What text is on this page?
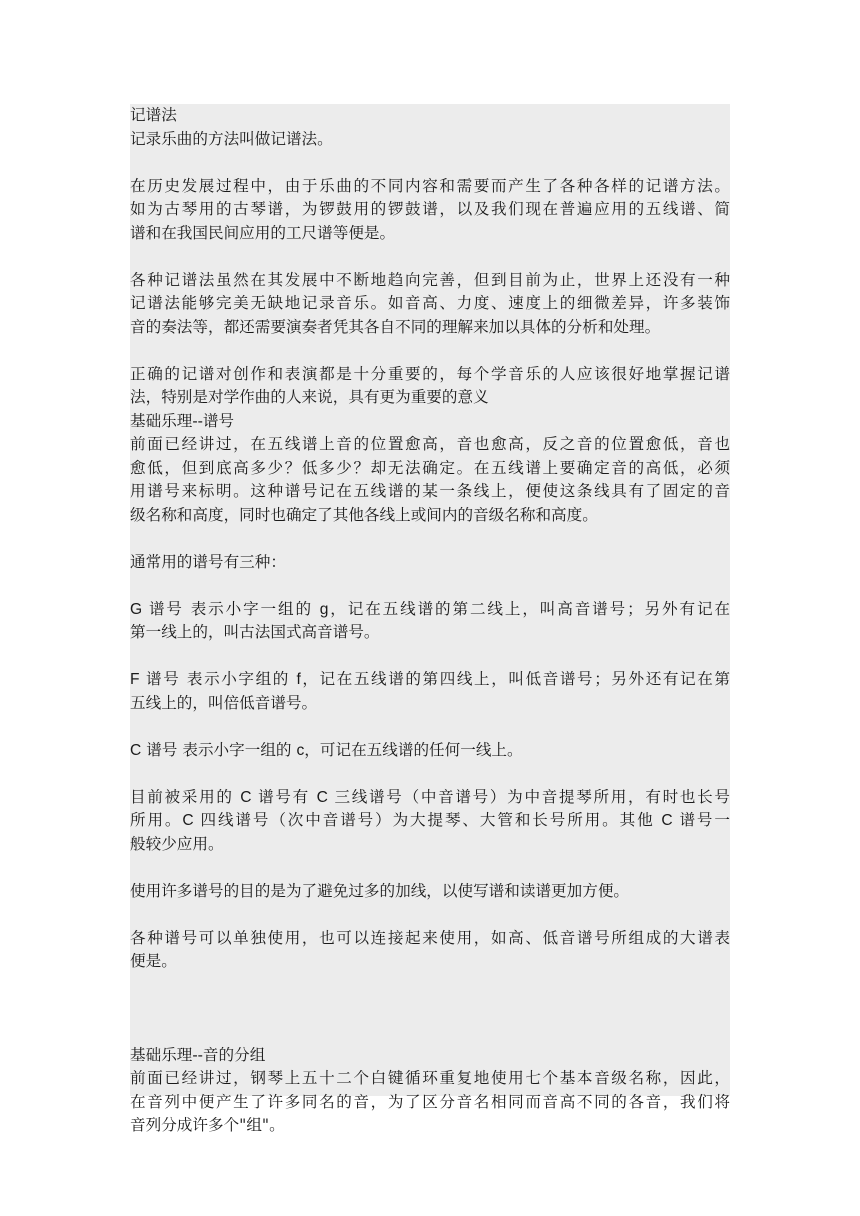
记谱法
记录乐曲的方法叫做记谱法。
在历史发展过程中，由于乐曲的不同内容和需要而产生了各种各样的记谱方法。
如为古琴用的古琴谱，为锣鼓用的锣鼓谱，以及我们现在普遍应用的五线谱、简
谱和在我国民间应用的工尺谱等便是。
各种记谱法虽然在其发展中不断地趋向完善，但到目前为止，世界上还没有一种
记谱法能够完美无缺地记录音乐。如音高、力度、速度上的细微差异，许多装饰
音的奏法等，都还需要演奏者凭其各自不同的理解来加以具体的分析和处理。
正确的记谱对创作和表演都是十分重要的，每个学音乐的人应该很好地掌握记谱
法，特别是对学作曲的人来说，具有更为重要的意义
基础乐理--谱号
前面已经讲过，在五线谱上音的位置愈高，音也愈高，反之音的位置愈低，音也
愈低，但到底高多少？低多少？却无法确定。在五线谱上要确定音的高低，必须
用谱号来标明。这种谱号记在五线谱的某一条线上，便使这条线具有了固定的音
级名称和高度，同时也确定了其他各线上或间内的音级名称和高度。
通常用的谱号有三种：
G 谱号 表示小字一组的 g，记在五线谱的第二线上，叫高音谱号；另外有记在
第一线上的，叫古法国式高音谱号。
F 谱号 表示小字组的 f，记在五线谱的第四线上，叫低音谱号；另外还有记在第
五线上的，叫倍低音谱号。
C 谱号 表示小字一组的 c，可记在五线谱的任何一线上。
目前被采用的 C 谱号有 C 三线谱号（中音谱号）为中音提琴所用，有时也长号
所用。C 四线谱号（次中音谱号）为大提琴、大管和长号所用。其他 C 谱号一
般较少应用。
使用许多谱号的目的是为了避免过多的加线，以使写谱和读谱更加方便。
各种谱号可以单独使用，也可以连接起来使用，如高、低音谱号所组成的大谱表
便是。
基础乐理--音的分组
前面已经讲过，钢琴上五十二个白键循环重复地使用七个基本音级名称，因此，
在音列中便产生了许多同名的音，为了区分音名相同而音高不同的各音，我们将
音列分成许多个"组"。
